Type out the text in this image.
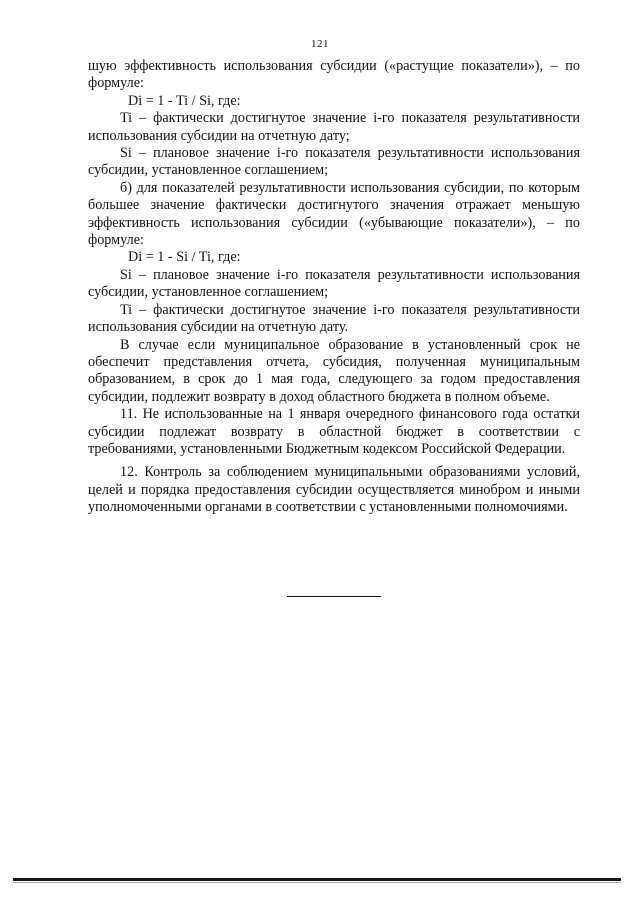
121

шую эффективность использования субсидии («растущие показатели»), – по формуле:

Di = 1 - Ti / Si, где:

Ti – фактически достигнутое значение i-го показателя результативности использования субсидии на отчетную дату;

Si – плановое значение i-го показателя результативности использования субсидии, установленное соглашением;

б) для показателей результативности использования субсидии, по которым большее значение фактически достигнутого значения отражает меньшую эффективность использования субсидии («убывающие показатели»), – по формуле:

Di = 1 - Si / Ti, где:

Si – плановое значение i-го показателя результативности использования субсидии, установленное соглашением;

Ti – фактически достигнутое значение i-го показателя результативности использования субсидии на отчетную дату.

В случае если муниципальное образование в установленный срок не обеспечит представления отчета, субсидия, полученная муниципальным образованием, в срок до 1 мая года, следующего за годом предоставления субсидии, подлежит возврату в доход областного бюджета в полном объеме.

11. Не использованные на 1 января очередного финансового года остатки субсидии подлежат возврату в областной бюджет в соответствии с требованиями, установленными Бюджетным кодексом Российской Федерации.

12. Контроль за соблюдением муниципальными образованиями условий, целей и порядка предоставления субсидии осуществляется минобром и иными уполномоченными органами в соответствии с установленными полномочиями.
